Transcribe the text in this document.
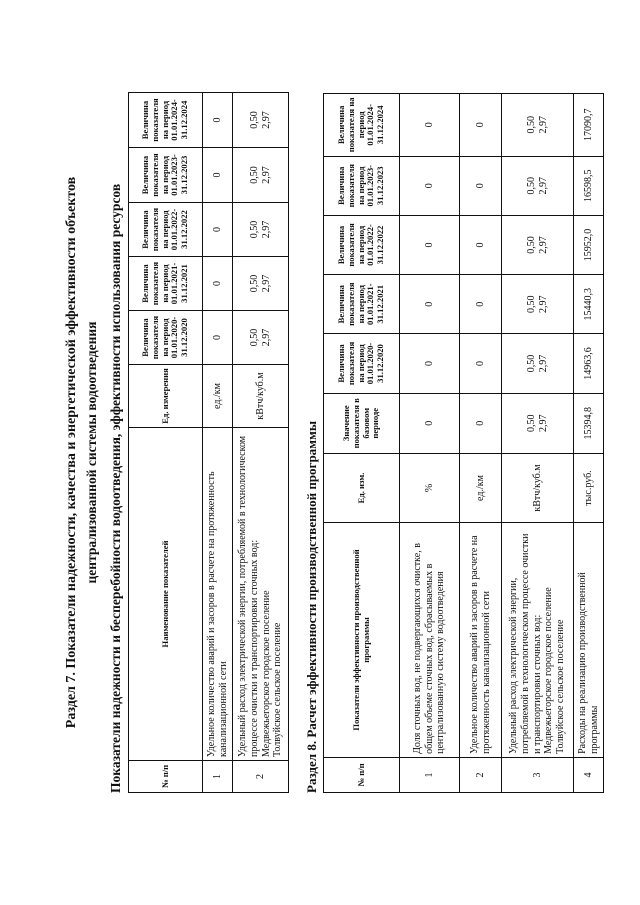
Раздел 7. Показатели надежности, качества и энергетической эффективности объектов централизованной системы водоотведения Показатели надежности и бесперебойности водоотведения, эффективности использования ресурсов	№ п/п	Наименование показателей	Ед. измерения	Величина показателя на период 01.01.2020-31.12.2020	Величина показателя на период 01.01.2021-31.12.2021	Величина показателя на период 01.01.2022-31.12.2022	Величина показателя на период 01.01.2023-31.12.2023	Величина показателя на период 01.01.2024-31.12.2024
1	Удельное количество аварий и засоров в расчете на протяженность канализационной сети	ед./км	0	0	0	0	0
2	Удельный расход электрической энергии, потребляемой в технологическом процессе очистки и транспортировки сточных вод: Медвежьегорское городское поселение Толвуйское сельское поселение	кВтч/куб.м	0,50 2,97	0,50 2,97	0,50 2,97	0,50 2,97	0,50 2,97
Раздел 8. Расчет эффективности производственной программы	№ п/п	Показатели эффективности производственной программы	Ед. изм.	Значение показателя в базовом периоде	Величина показателя на период 01.01.2020-31.12.2020	Величина показателя на период 01.01.2021-31.12.2021	Величина показателя на период 01.01.2022-31.12.2022	Величина показателя на период 01.01.2023-31.12.2023	Величина показателя на период 01.01.2024-31.12.2024
1	Доля сточных вод, не подвергающихся очистке, в общем объеме сточных вод, сбрасываемых в централизованную систему водоотведения	%	0	0	0	0	0	0
2	Удельное количество аварий и засоров в расчете на протяженность канализационной сети	ед./км	0	0	0	0	0	0
3	Удельный расход электрической энергии, потребляемой в технологическом процессе очистки и транспортировки сточных вод: Медвежьегорское городское поселение Толвуйское сельское поселение	кВтч/куб.м	0,50 2,97	0,50 2,97	0,50 2,97	0,50 2,97	0,50 2,97	0,50 2,97

4	Расходы на реализацию производственной программы	тыс.руб.	15394,8	14963,6	15440,3	15952,0	16598,5	17090,7
